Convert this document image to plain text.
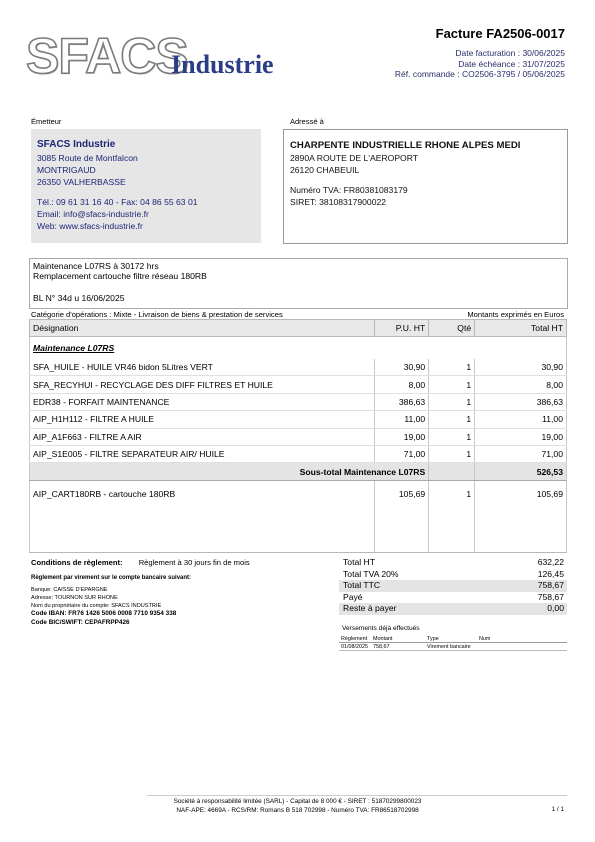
SFACS
Industrie
Facture FA2506-0017
Date facturation : 30/06/2025
Date échéance : 31/07/2025
Réf. commande : CO2506-3795 / 05/06/2025
Émetteur	Adressé à
SFACS Industrie
3085 Route de Montfalcon
MONTRIGAUD
26350 VALHERBASSE
Tél.: 09 61 31 16 40 - Fax: 04 86 55 63 01
Email: info@sfacs-industrie.fr
Web: www.sfacs-industrie.fr
CHARPENTE INDUSTRIELLE RHONE ALPES MEDI
2890A ROUTE DE L'AEROPORT
26120 CHABEUIL
Numéro TVA: FR80381083179
SIRET: 38108317900022
Maintenance L07RS à 30172 hrs
Remplacement cartouche filtre réseau 180RB
BL N° 34d u 16/06/2025
Catégorie d'opérations : Mixte - Livraison de biens & prestation de services	Montants exprimés en Euros
Désignation	P.U. HT	Qté	Total HT
Maintenance L07RS			
SFA_HUILE - HUILE VR46 bidon 5Litres VERT	30,90	1	30,90
SFA_RECYHUI - RECYCLAGE DES DIFF FILTRES ET HUILE	8,00	1	8,00
EDR38 - FORFAIT MAINTENANCE	386,63	1	386,63
AIP_H1H112 - FILTRE A HUILE	11,00	1	11,00
AIP_A1F663 - FILTRE A AIR	19,00	1	19,00
AIP_S1E005 - FILTRE SEPARATEUR AIR/ HUILE	71,00	1	71,00
Sous-total Maintenance L07RS			526,53

AIP_CART180RB - cartouche 180RB	105,69	1	105,69

Conditions de règlement: Règlement à 30 jours fin de mois
Règlement par virement sur le compte bancaire suivant:
Banque: CAISSE D'EPARGNE
Adresse: TOURNON SUR RHONE
Nom du propriétaire du compte: SFACS INDUSTRIE
Code IBAN: FR76 1426 5006 0008 7710 9354 338
Code BIC/SWIFT: CEPAFRPP426
Total HT	632,22
Total TVA 20%	126,45
Total TTC	758,67
Payé	758,67
Reste à payer	0,00
Versements déjà effectués
Règlement	Montant	Type	Num
01/08/2025	758,67	Virement bancaire	
Société à responsabilité limitée (SARL) - Capital de 8 000 € - SIRET : 51870299800023
NAF-APE: 4669A - RCS/RM: Romans B 518 702998 - Numéro TVA: FR86518702998	1 / 1
